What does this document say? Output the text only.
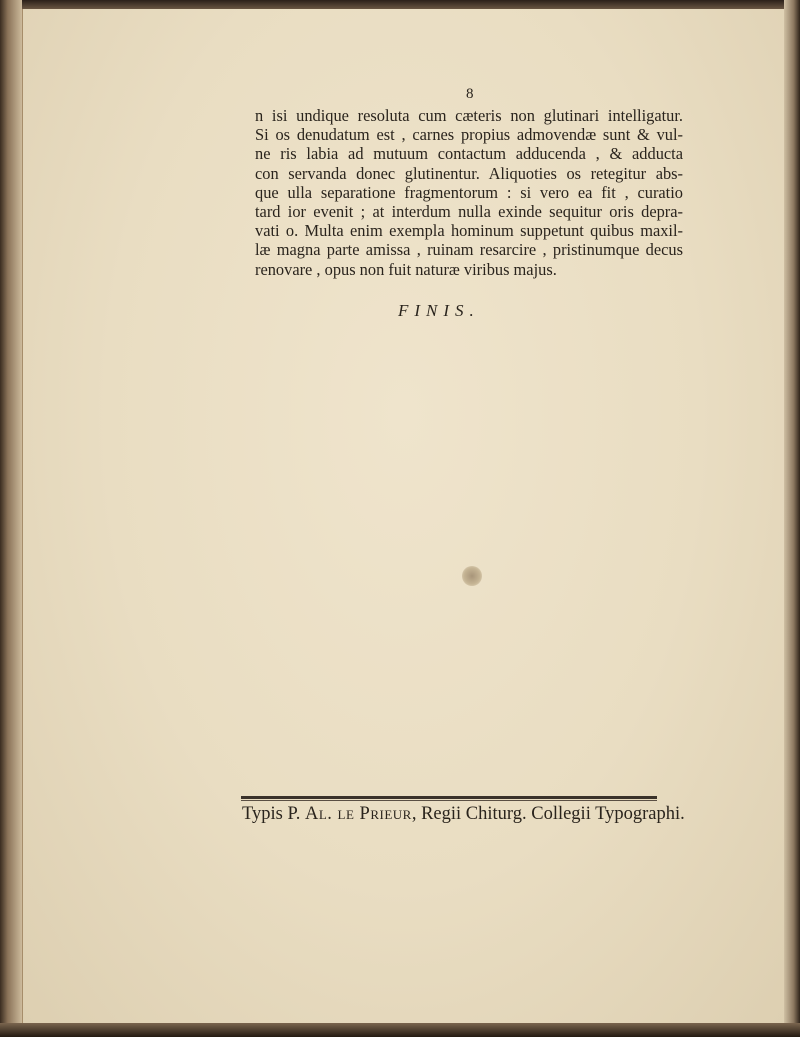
8
n isi undique resoluta cum cæteris non glutinari intelligatur.
Si os denudatum est , carnes propius admovendæ sunt & vul-
ne ris labia ad mutuum contactum adducenda , & adducta
con servanda donec glutinentur. Aliquoties os retegitur abs-
que ulla separatione fragmentorum : si vero ea fit , curatio
tard ior evenit ; at interdum nulla exinde sequitur oris depra-
vati o. Multa enim exempla hominum suppetunt quibus maxil-
læ magna parte amissa , ruinam resarcire , pristinumque decus
renovare , opus non fuit naturæ viribus majus.
FINIS.
Typis P. Al. le Prieur, Regii Chiturg. Collegii Typographi.
